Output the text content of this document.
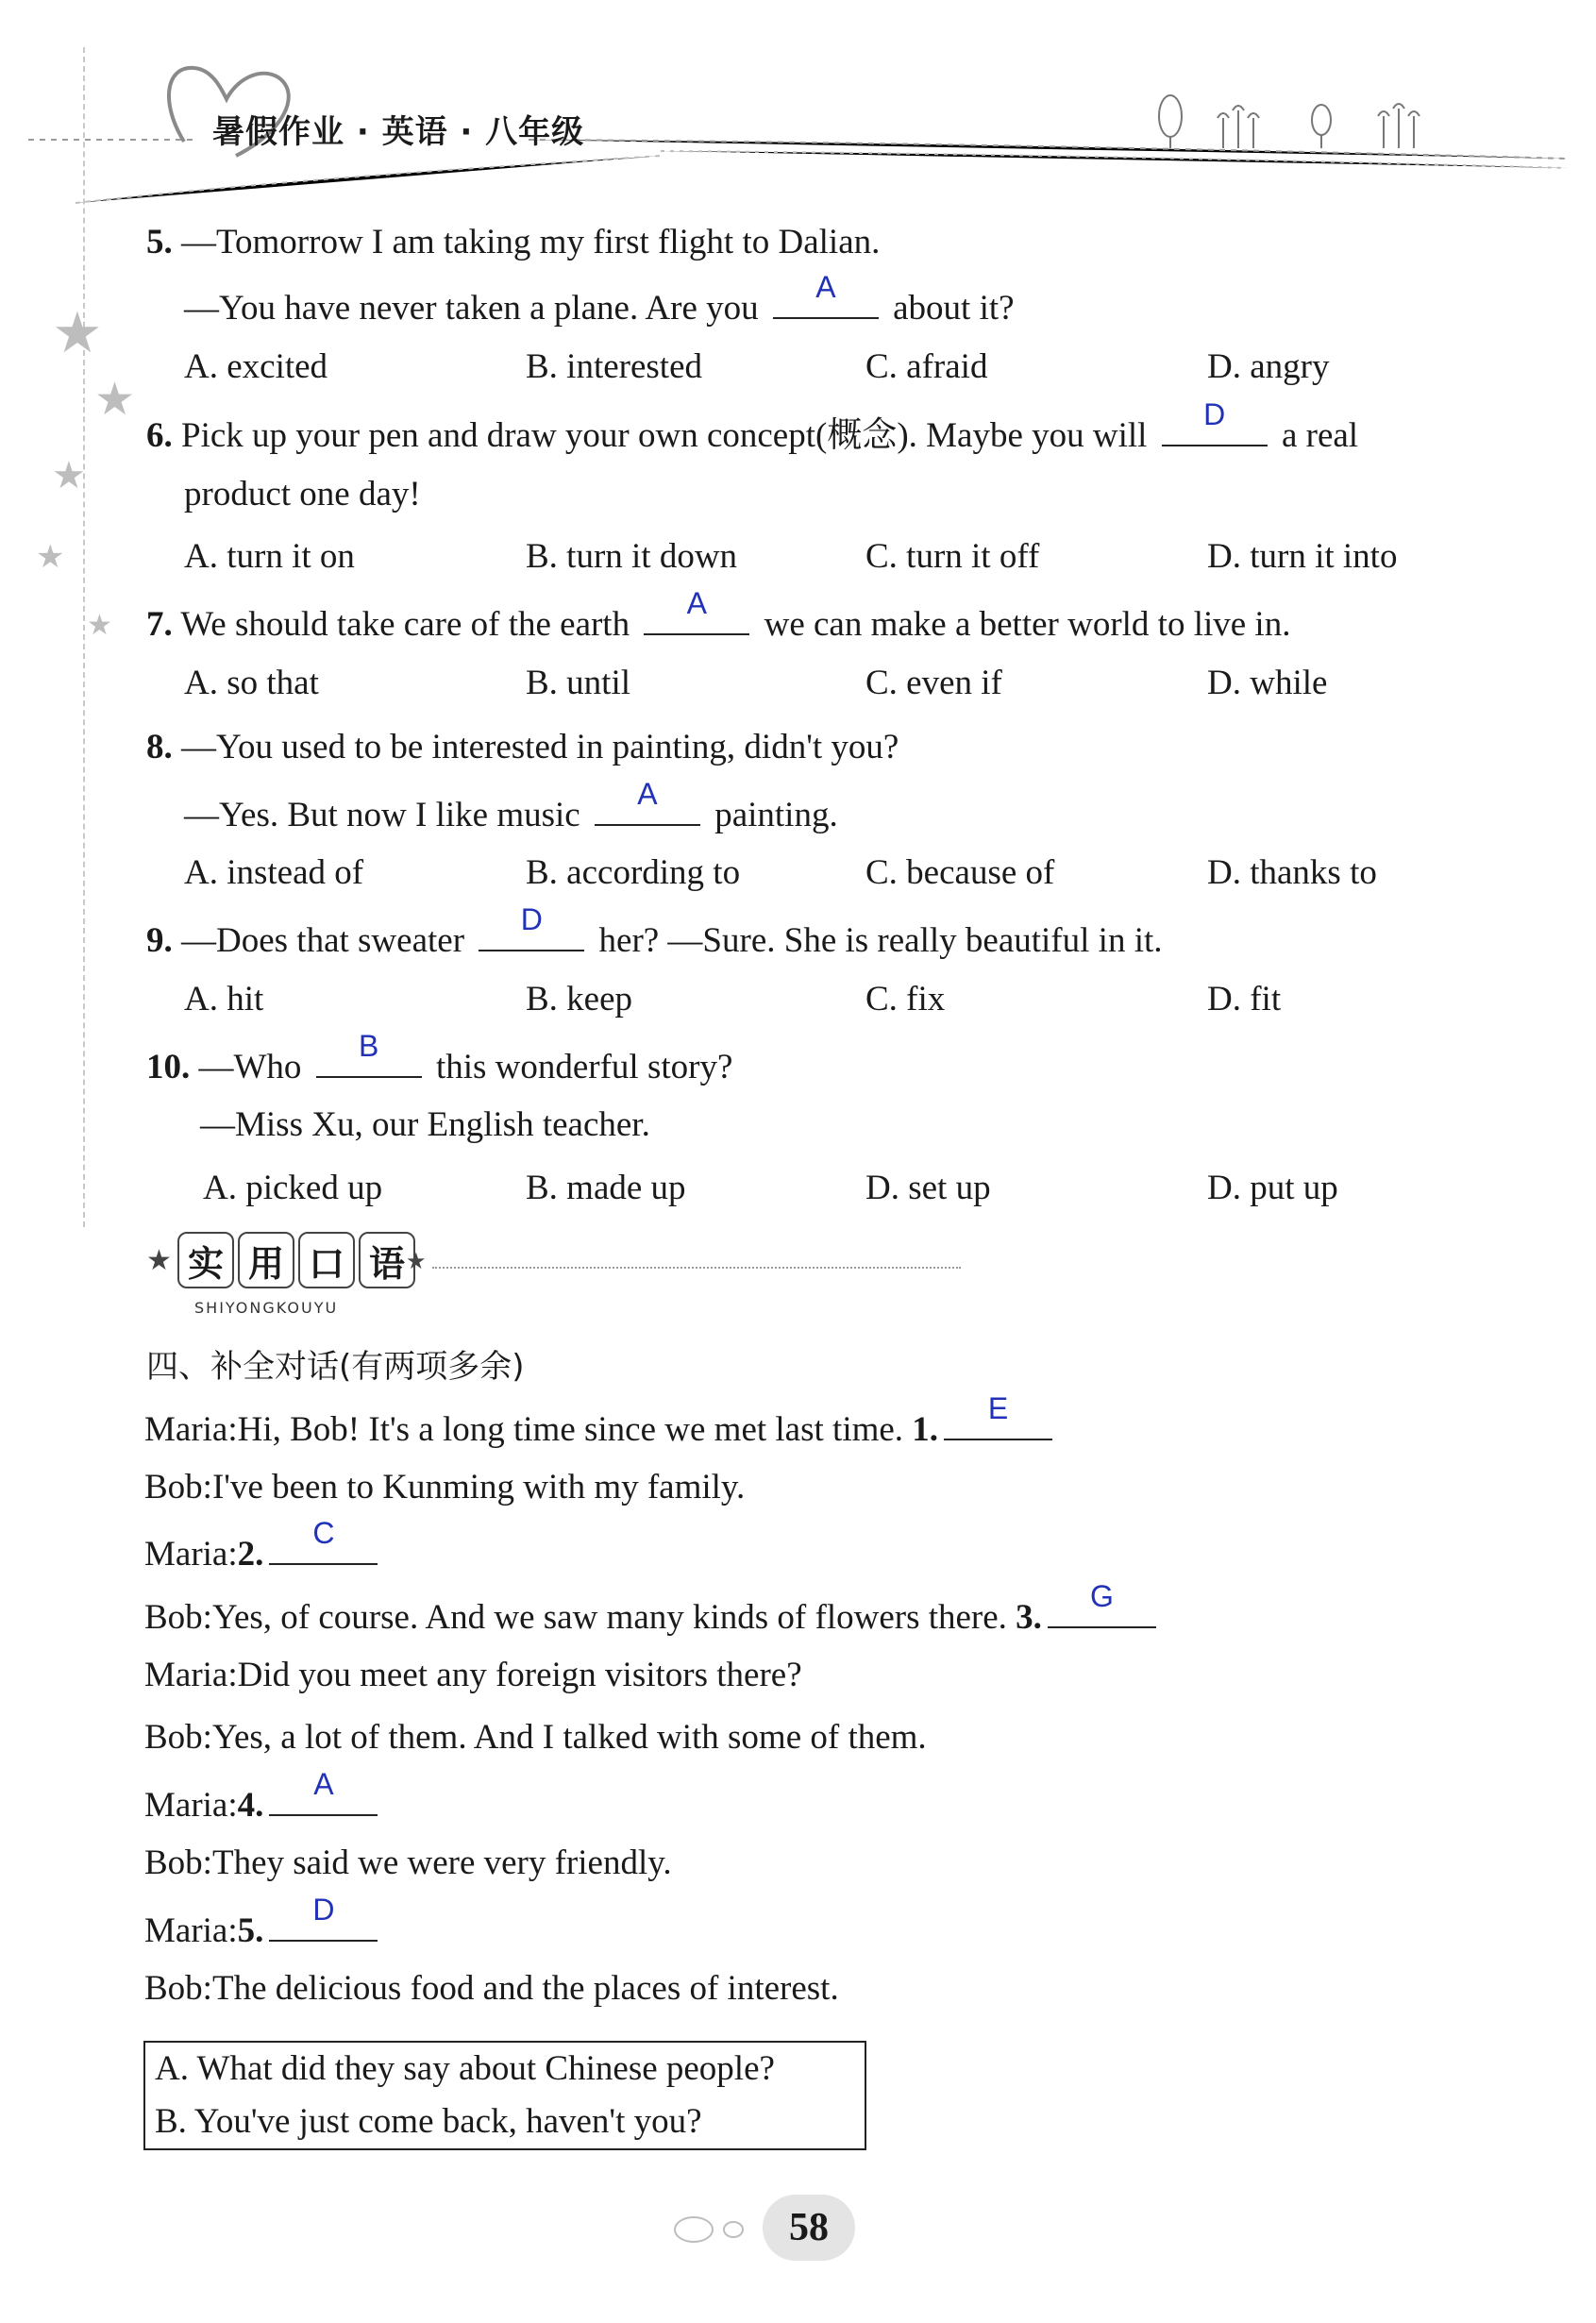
暑假作业 · 英语 · 八年级
★
★
★
★
★
5. —Tomorrow I am taking my first flight to Dalian.
—You have never taken a plane. Are you
A
about it?
A. excited	B. interested	C. afraid	D. angry
6. Pick up your pen and draw your own concept(概念). Maybe you will
D
a real
product one day!
A. turn it on	B. turn it down	C. turn it off	D. turn it into
7. We should take care of the earth
A
we can make a better world to live in.
A. so that	B. until	C. even if	D. while
8. —You used to be interested in painting, didn't you?
—Yes. But now I like music
A
painting.
A. instead of	B. according to	C. because of	D. thanks to
9. —Does that sweater
D
her? —Sure. She is really beautiful in it.
A. hit	B. keep	C. fix	D. fit
10. —Who
B
this wonderful story?
—Miss Xu, our English teacher.
A. picked up	B. made up	D. set up	D. put up
★ 实 用 口 语 ★
SHIYONGKOUYU
四、补全对话(有两项多余)
Maria:Hi, Bob! It's a long time since we met last time. 1.
E
Bob:I've been to Kunming with my family.
Maria:2.
C
Bob:Yes, of course. And we saw many kinds of flowers there. 3.
G
Maria:Did you meet any foreign visitors there?
Bob:Yes, a lot of them. And I talked with some of them.
Maria:4.
A
Bob:They said we were very friendly.
Maria:5.
D
Bob:The delicious food and the places of interest.
A. What did they say about Chinese people?
B. You've just come back, haven't you?
58
